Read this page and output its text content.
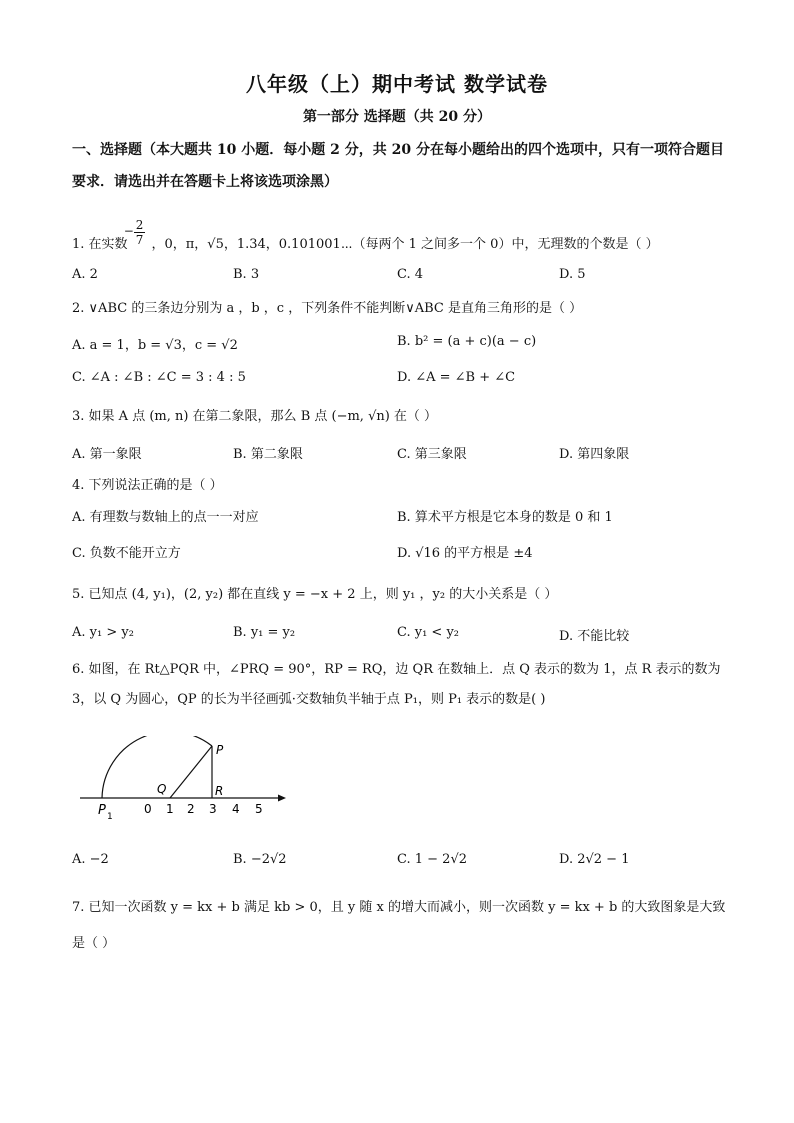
八年级（上）期中考试 数学试卷
第一部分 选择题（共 20 分）
一、选择题（本大题共 10 小题．每小题 2 分，共 20 分在每小题给出的四个选项中，只有一项符合题目要求．请选出并在答题卡上将该选项涂黑）
1. 在实数
− 2
7 ，0，π，√5，1.34，0.101001⋯（每两个 1 之间多一个 0）中，无理数的个数是（ ）
A. 2	B. 3	C. 4	D. 5
2. ∨ABC 的三条边分别为 a ，b ，c ，下列条件不能判断∨ABC 是直角三角形的是（ ）
A. a = 1，b = √3，c = √2	B. b² = (a + c)(a − c)
C. ∠A : ∠B : ∠C = 3 : 4 : 5	D. ∠A = ∠B + ∠C
3. 如果 A 点 (m, n) 在第二象限，那么 B 点 (−m, √n) 在（ ）
A. 第一象限	B. 第二象限	C. 第三象限	D. 第四象限
4. 下列说法正确的是（ ）
A. 有理数与数轴上的点一一对应	B. 算术平方根是它本身的数是 0 和 1
C. 负数不能开立方	D. √16 的平方根是 ±4
5. 已知点 (4, y₁)，(2, y₂) 都在直线 y = −x + 2 上，则 y₁ ，y₂ 的大小关系是（ ）
A. y₁ > y₂	B. y₁ = y₂	C. y₁ < y₂	D. 不能比较
6. 如图，在 Rt△PQR 中，∠PRQ = 90°，RP = RQ，边 QR 在数轴上．点 Q 表示的数为 1，点 R 表示的数为 3，以 Q 为圆心，QP 的长为半径画弧·交数轴负半轴于点 P₁，则 P₁ 表示的数是( )
P
Q	R
P 1
0 1 2 3 4 5
A. −2	B. −2√2	C. 1 − 2√2	D. 2√2 − 1
7. 已知一次函数 y = kx + b 满足 kb > 0，且 y 随 x 的增大而减小，则一次函数 y = kx + b 的大致图象是大致是（ ）
